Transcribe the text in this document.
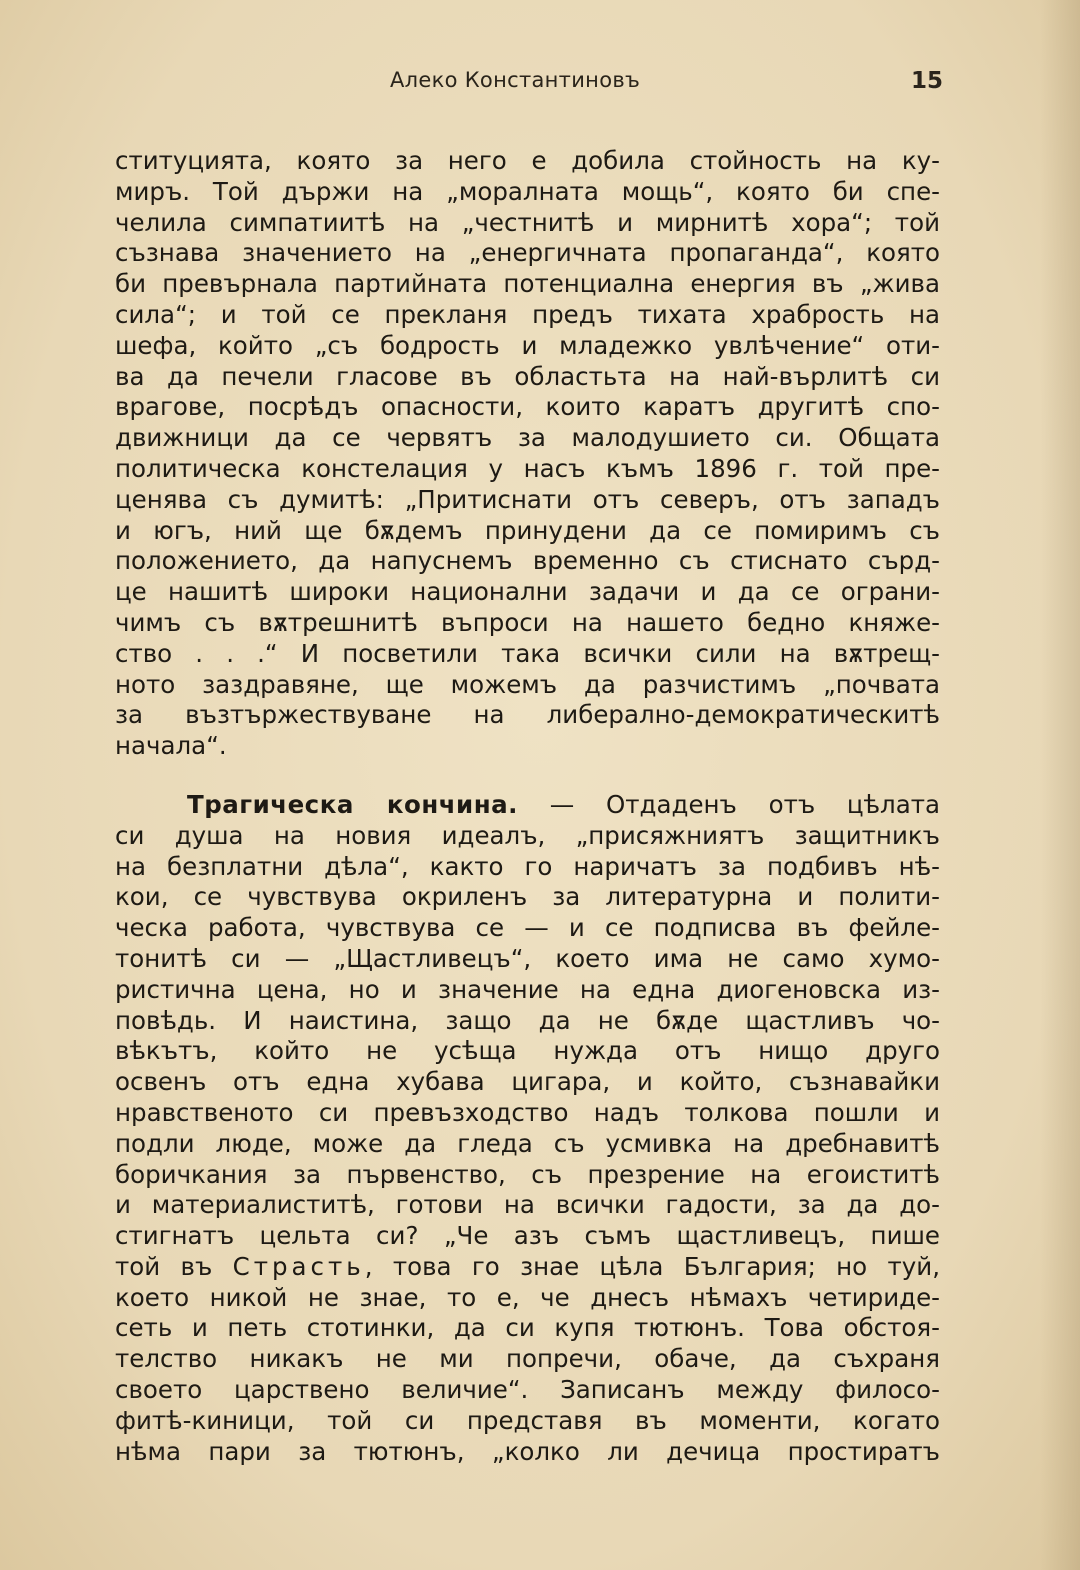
Алеко Константиновъ	15
ституцията, която за него е добила стойность на ку-
миръ. Той държи на „моралната мощь“, която би спе-
челила симпатиитѣ на „честнитѣ и мирнитѣ хора“; той
съзнава значението на „енергичната пропаганда“, която
би превърнала партийната потенциална енергия въ „жива
сила“; и той се прекланя предъ тихата храбрость на
шефа, който „съ бодрость и младежко увлѣчение“ оти-
ва да печели гласове въ областьта на най-върлитѣ си
врагове, посрѣдъ опасности, които каратъ другитѣ спо-
движници да се червятъ за малодушието си. Общата
политическа констелация у насъ къмъ 1896 г. той пре-
ценява съ думитѣ: „Притиснати отъ северъ, отъ западъ
и югъ, ний ще бѫдемъ принудени да се помиримъ съ
положението, да напуснемъ временно съ стиснато сърд-
це нашитѣ широки национални задачи и да се ограни-
чимъ съ вѫтрешнитѣ въпроси на нашето бедно княже-
ство . . .“ И посветили така всички сили на вѫтрещ-
ното заздравяне, ще можемъ да разчистимъ „почвата
за възтържествуване на либерално-демократическитѣ
начала“.
Трагическа кончина. — Отдаденъ отъ цѣлата
си душа на новия идеалъ, „присяжниятъ защитникъ
на безплатни дѣла“, както го наричатъ за подбивъ нѣ-
кои, се чувствува окриленъ за литературна и полити-
ческа работа, чувствува се — и се подписва въ фейле-
тонитѣ си — „Щастливецъ“, което има не само хумо-
ристична цена, но и значение на една диогеновска из-
повѣдь. И наистина, защо да не бѫде щастливъ чо-
вѣкътъ, който не усѣща нужда отъ нищо друго
освенъ отъ една хубава цигара, и който, съзнавайки
нравственото си превъзходство надъ толкова пошли и
подли люде, може да гледа съ усмивка на дребнавитѣ
боричкания за първенство, съ презрение на егоиститѣ
и материалиститѣ, готови на всички гадости, за да до-
стигнатъ цельта си? „Че азъ съмъ щастливецъ, пише
той въ Страсть, това го знае цѣла България; но туй,
което никой не знае, то е, че днесъ нѣмахъ четириде-
сеть и петь стотинки, да си купя тютюнъ. Това обстоя-
телство никакъ не ми попречи, обаче, да съхраня
своето царствено величие“. Записанъ между филосо-
фитѣ-киници, той си представя въ моменти, когато
нѣма пари за тютюнъ, „колко ли дечица простиратъ
